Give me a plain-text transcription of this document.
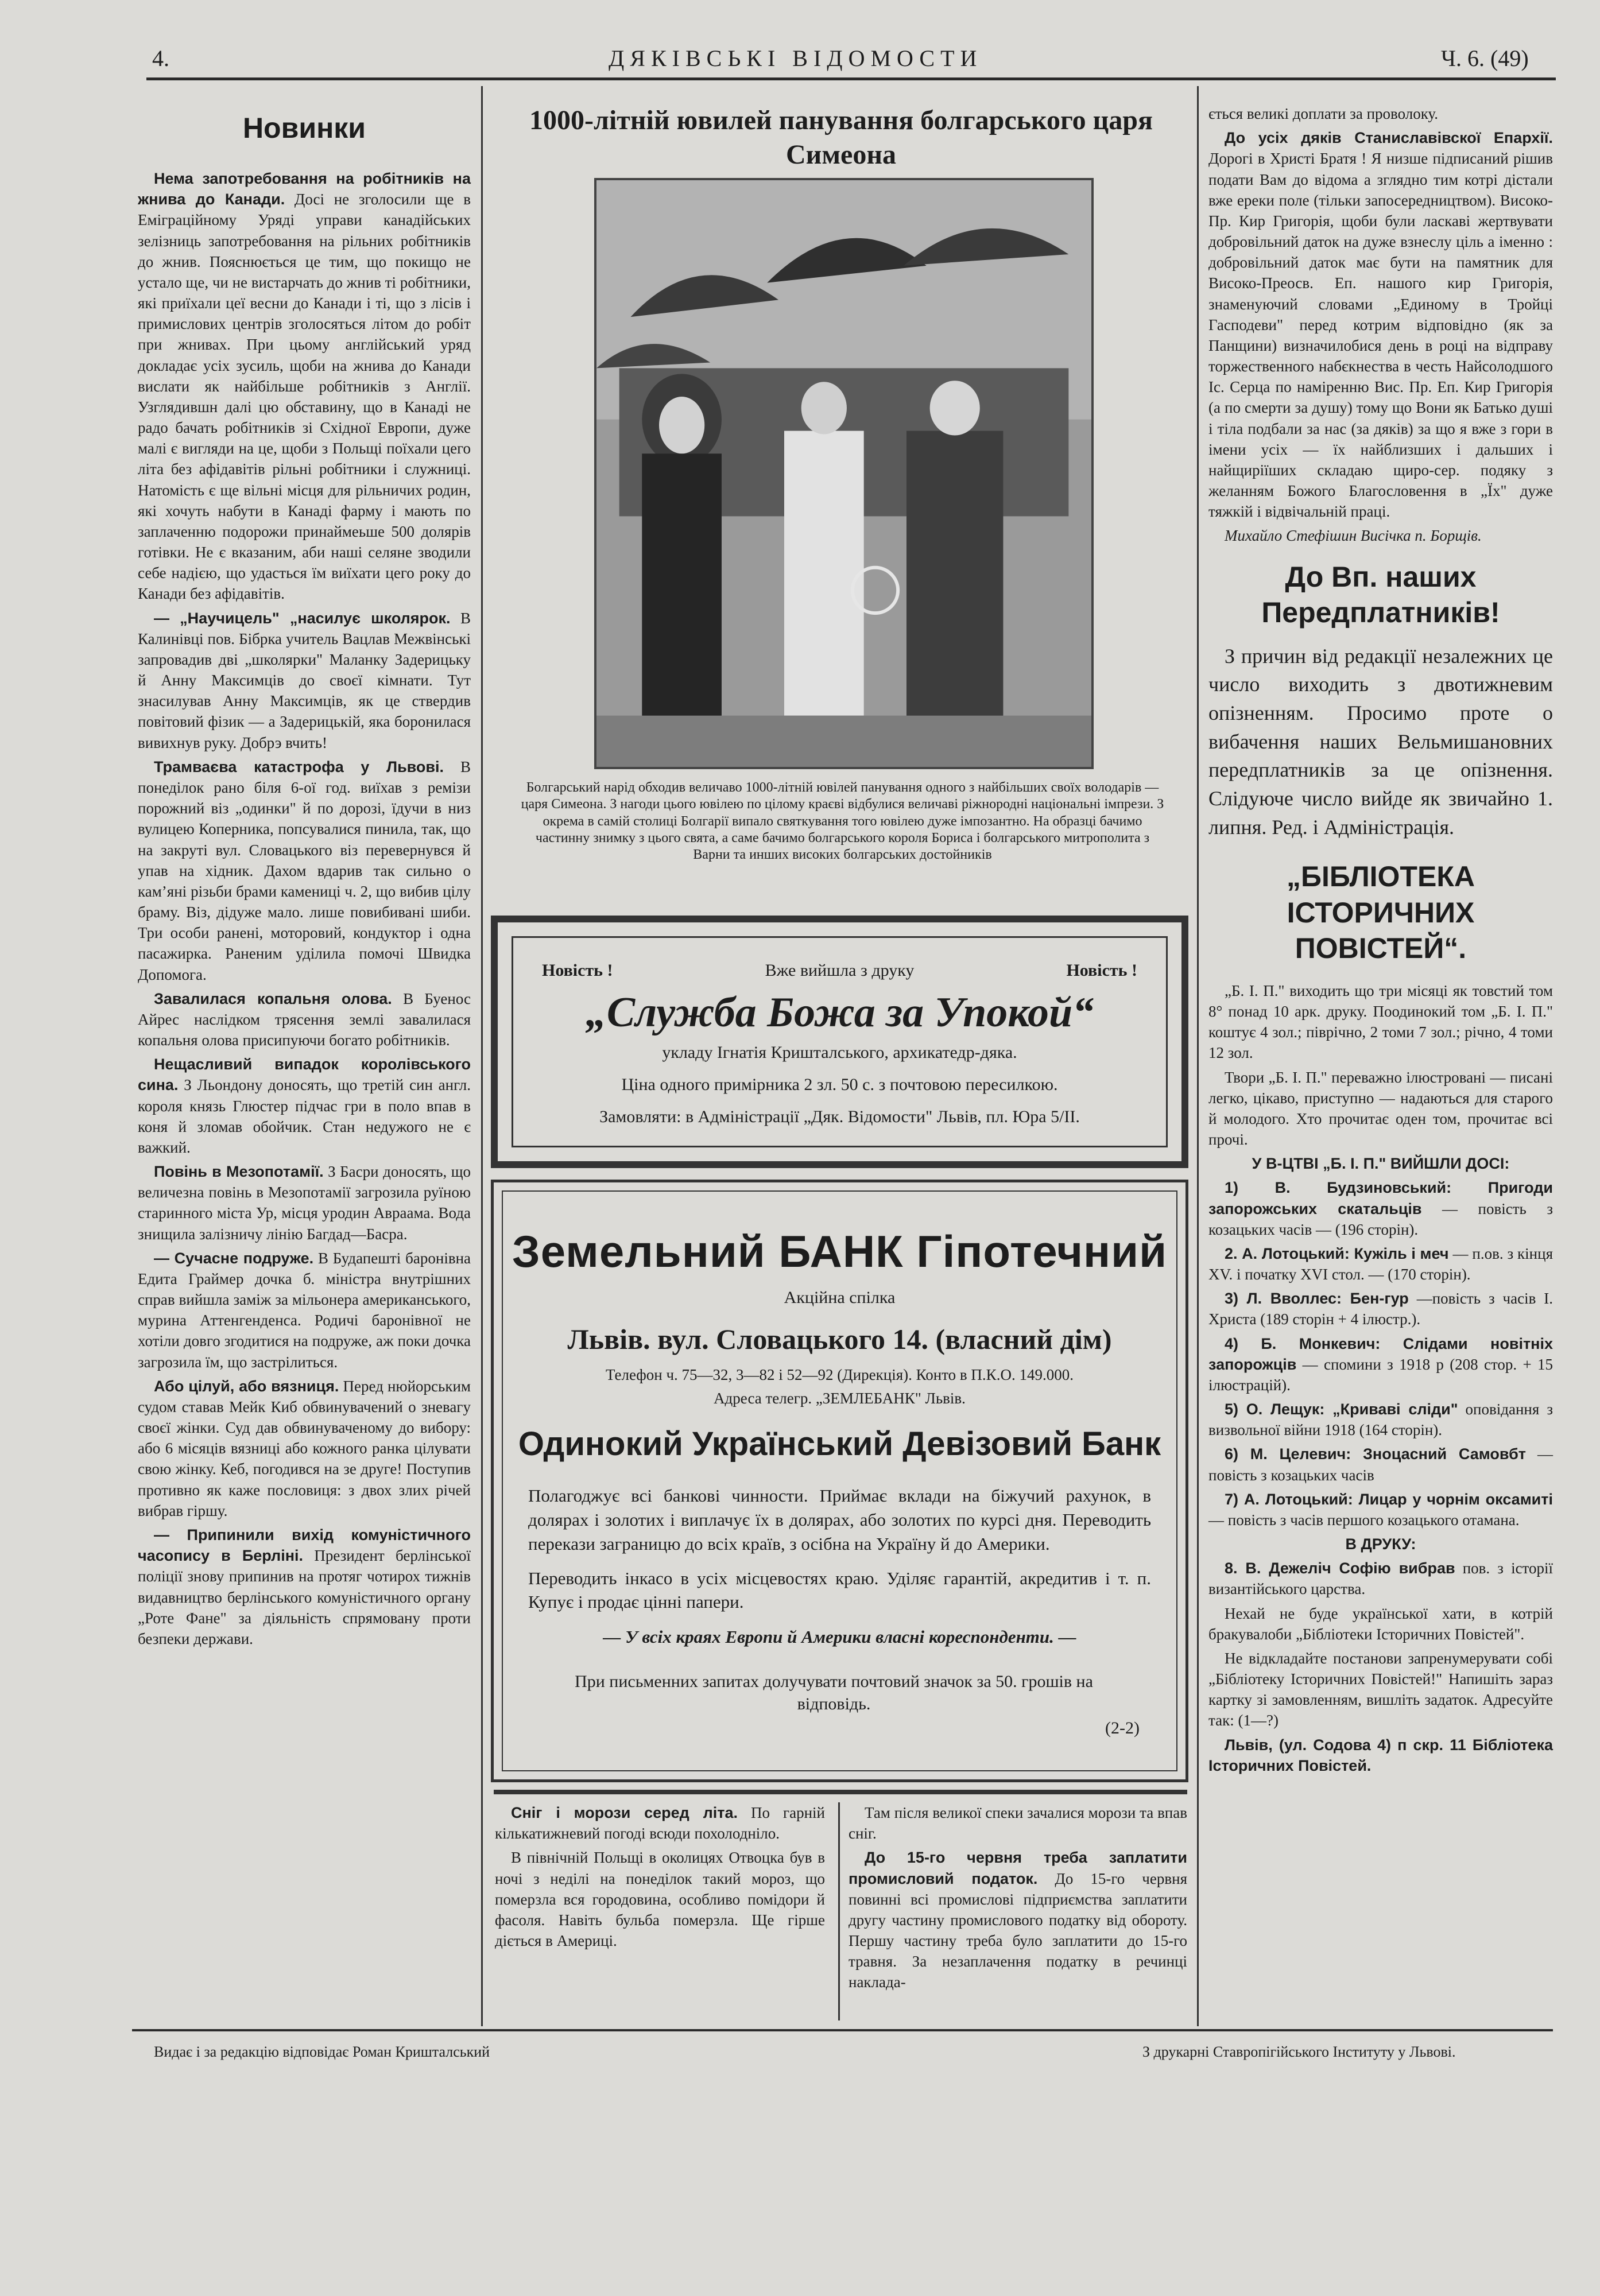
4.	ДЯКІВСЬКІ ВІДОМОСТИ	Ч. 6. (49)
Новинки

Нема запотребовання на робітників на жнива до Канади. Досі не зголосили ще в Еміграційному Уряді управи канадійських зелізниць запотребовання на рільних робітників до жнив. Пояснюється це тим, що покищо не устало ще, чи не вистарчать до жнив ті робітники, які приїхали цеї весни до Канади і ті, що з лісів і примислових центрів зголосяться літом до робіт при жнивах. При цьому англійський уряд докладає усіх зусиль, щоби на жнива до Канади вислати як найбільше робітників з Англії. Узглядившн далі цю обставину, що в Канаді не радо бачать робітників зі Східної Европи, дуже малі є вигляди на це, щоби з Польщі поїхали цего літа без афідавітів рільні робітники і служниці. Натомість є ще вільні місця для рільничих родин, які хочуть набути в Канаді фарму і мають по заплаченню подорожи принаймеьше 500 долярів готівки. Не є вказаним, аби наші селяне зводили себе надією, що удасться їм виїхати цего року до Канади без афідавітів.

— „Научицель" „насилує школярок. В Калинівці пов. Бібрка учитель Вацлав Межвінські запровадив дві „школярки" Маланку Задерицьку й Анну Максимців до своєї кімнати. Тут знасилував Анну Максимців, як це ствердив повітовий фізик — а Задерицькій, яка боронилася вивихнув руку. Добрэ вчить!

Трамваєва катастрофа у Львові. В понеділок рано біля 6-ої год. виїхав з ремізи порожний віз „одинки" й по дорозі, їдучи в низ вулицею Коперника, попсувалися пинила, так, що на закруті вул. Словацького віз перевернувся й упав на хідник. Дахом вдарив так сильно о кам’яні різьби брами камениці ч. 2, що вибив цілу браму. Віз, дідуже мало. лише повибивані шиби. Три особи ранені, моторовий, кондуктор і одна пасажирка. Раненим уділила помочі Швидка Допомога.

Завалилася копальня олова. В Буенос Айрес наслідком трясення землі завалилася копальня олова присипуючи богато робітників.

Нещасливий випадок королівського сина. З Льондону доносять, що третій син англ. короля князь Глюстер підчас гри в поло впав в коня й зломав обойчик. Стан недужого не є важкий.

Повінь в Мезопотамії. З Басри доносять, що величезна повінь в Мезопотамії загрозила руїною старинного міста Ур, місця уродин Авраама. Вода знищила залізничу лінію Багдад—Басра.

— Сучасне подруже. В Будапешті баронівна Едита Граймер дочка б. міністра внутрішних справ вийшла заміж за мільонера американського, мурина Аттенгенденса. Родичі баронівної не хотіли довго згодитися на подруже, аж поки дочка загрозила їм, що застрілиться.

Або цілуй, або вязниця. Перед нюйорським судом ставав Мейк Киб обвинувачений о зневагу своєї жінки. Суд дав обвинуваченому до вибору: або 6 місяців вязниці або кожного ранка цілувати свою жінку. Кеб, погодився на зе друге! Поступив противно як каже пословиця: з двох злих річей вибрав гіршу.

— Припинили вихід комуністичного часопису в Берліні. Президент берлінської поліції знову припинив на протяг чотирох тижнів видавництво берлінського комуністичного органу „Роте Фане" за діяльність спрямовану проти безпеки держави.

1000-літній ювилей панування болгарського царя Симеона
Болгарський нарід обходив величаво 1000-літній ювілей панування одного з найбільших своїх володарів — царя Симеона. З нагоди цього ювілею по цілому краєві відбулися величаві ріжнородні національні імпрези. З окрема в самій столиці Болгарії випало святкування того ювілею дуже імпозантно. На образці бачимо частинну знимку з цього свята, а саме бачимо болгарського короля Бориса і болгарського митрополита з Варни та инших високих болгарських достойників
Новість !	Вже вийшла з друку	Новість !
„Служба Божа за Упокой“
укладу Ігнатія Кришталського, архикатедр-дяка.
Ціна одного примірника 2 зл. 50 с. з почтовою пересилкою.
Замовляти: в Адміністрації „Дяк. Відомости" Львів, пл. Юра 5/ІІ.
Земельний БАНК Гіпотечний
Акційна спілка
Львів. вул. Словацького 14. (власний дім)
Телефон ч. 75—32, 3—82 і 52—92 (Дирекція). Конто в П.К.О. 149.000.
Адреса телегр. „ЗЕМЛЕБАНК" Львів.
Одинокий Український Девізовий Банк
Полагоджує всі банкові чинности. Приймає вклади на біжучий рахунок, в долярах і золотих і виплачує їх в долярах, або золотих по курсі дня. Переводить перекази заграницю до всіх країв, з осібна на Україну й до Америки.
Переводить інкасо в усіх місцевостях краю. Уділяє гарантій, акредитив і т. п. Купує і продає цінні папери.
— У всіх краях Европи й Америки власні кореспонденти. —
При письменних запитах долучувати почтовий значок за 50. грошів на відповідь.
(2-2)

Сніг і морози серед літа. По гарній кількатижневий погоді всюди похолодніло.

В північній Польщі в околицях Отвоцка був в ночі з неділі на понеділок такий мороз, що померзла вся городовина, особливо помідори й фасоля. Навіть бульба померзла. Ще гірше діється в Америці.

Там після великої спеки зачалися морози та впав сніг.

До 15-го червня треба заплатити промисловий податок. До 15-го червня повинні всі промислові підприємства заплатити другу частину промислового податку від обороту. Першу частину треба було заплатити до 15-го травня. За незаплачення податку в речинці наклада-

ється великі доплати за проволоку.

До усіх дяків Станиславівскої Епархії. Дорогі в Христі Братя ! Я низше підписаний рішив подати Вам до відома а зглядно тим котрі дістали вже ереки поле (тільки запосередництвом). Високо-Пр. Кир Григорія, щоби були ласкаві жертвувати добровільний даток на дуже взнеслу ціль а іменно : добровільний даток має бути на памятник для Високо-Преосв. Еп. нашого кир Григорія, знаменуючий словами „Единому в Тройці Гасподеви" перед котрим відповідно (як за Панщини) визначилобися день в році на відправу торжественного набєкнества в честь Найсолодшого Іс. Серца по наміренню Вис. Пр. Еп. Кир Григорія (а по смерти за душу) тому що Вони як Батько душі і тіла подбали за нас (за дяків) за що я вже з гори в імени усіх — їх найблизших і дальших і найщиріїших складаю щиро-сер. подяку з желанням Божого Благословення в „Їх" дуже тяжкій і відвічальній праці.

Михайло Стефішин Висічка п. Борщів.

До Вп. наших Передплатників!

З причин від редакції незалежних це число виходить з двотижневим опізненням. Просимо проте о вибачення наших Вельмишановних передплатників за це опізнення. Слідуюче число вийде як звичайно 1. липня. Ред. і Адміністрація.

„БІБЛІОТЕКА ІСТОРИЧНИХ ПОВІСТЕЙ“.

„Б. І. П." виходить що три місяці як товстий том 8° понад 10 арк. друку. Поодинокий том „Б. І. П." коштує 4 зол.; піврічно, 2 томи 7 зол.; річно, 4 томи 12 зол.

Твори „Б. І. П." переважно ілюстровані — писані легко, цікаво, приступно — надаються для старого й молодого. Хто прочитає оден том, прочитає всі прочі.

У В-ЦТВІ „Б. І. П." ВИЙШЛИ ДОСІ:

1) В. Будзиновський: Пригоди запорожських скатальців — повість з козацьких часів — (196 сторін).

2. А. Лотоцький: Кужіль і меч — п.ов. з кінця XV. і початку XVI стол. — (170 сторін).

3) Л. Вволлес: Бен-гур —повість з часів І. Христа (189 сторін + 4 ілюстр.).

4) Б. Монкевич: Слідами новітніх запорожців — спомини з 1918 р (208 стор. + 15 ілюстрацій).

5) О. Лещук: „Криваві сліди" оповідання з визвольної війни 1918 (164 сторін).

6) М. Целевич: Зноцасний Самовбт — повість з козацьких часів

7) А. Лотоцький: Лицар у чорнім оксамиті — повість з часів першого козацького отамана.

В ДРУКУ:

8. В. Дежеліч Софію вибрав пов. з історії византійського царства.

Нехай не буде української хати, в котрій бракувалоби „Бібліотеки Історичних Повістей".

Не відкладайте постанови запренумерувати собі „Бібліотеку Історичних Повістей!" Напишіть зараз картку зі замовленням, вишліть задаток. Адресуйте так: (1—?)

Львів, (ул. Содова 4) п скр. 11 Бібліотека Історичних Повістей.

Видає і за редакцію відповідає Роман Кришталський	З друкарні Ставропігійського Інституту у Львові.
